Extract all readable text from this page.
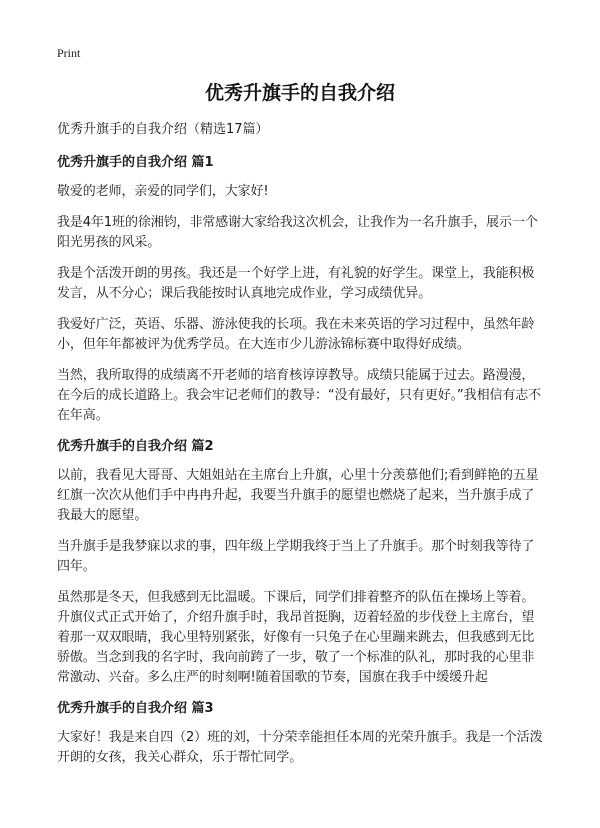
Print
优秀升旗手的自我介绍

优秀升旗手的自我介绍（精选17篇）

优秀升旗手的自我介绍 篇1

敬爱的老师，亲爱的同学们，大家好!

我是4年1班的徐湘钧，非常感谢大家给我这次机会，让我作为一名升旗手，展示一个阳光男孩的风采。

我是个活泼开朗的男孩。我还是一个好学上进，有礼貌的好学生。课堂上，我能积极发言，从不分心；课后我能按时认真地完成作业，学习成绩优异。

我爱好广泛，英语、乐器、游泳使我的长项。我在未来英语的学习过程中，虽然年龄小，但年年都被评为优秀学员。在大连市少儿游泳锦标赛中取得好成绩。

当然，我所取得的成绩离不开老师的培育核谆谆教导。成绩只能属于过去。路漫漫，在今后的成长道路上。我会牢记老师们的教导：“没有最好，只有更好。”我相信有志不在年高。

优秀升旗手的自我介绍 篇2

以前，我看见大哥哥、大姐姐站在主席台上升旗，心里十分羡慕他们;看到鲜艳的五星红旗一次次从他们手中冉冉升起，我要当升旗手的愿望也燃烧了起来，当升旗手成了我最大的愿望。

当升旗手是我梦寐以求的事，四年级上学期我终于当上了升旗手。那个时刻我等待了四年。

虽然那是冬天，但我感到无比温暖。下课后，同学们排着整齐的队伍在操场上等着。升旗仪式正式开始了，介绍升旗手时，我昂首挺胸，迈着轻盈的步伐登上主席台，望着那一双双眼睛，我心里特别紧张，好像有一只兔子在心里蹦来跳去，但我感到无比骄傲。当念到我的名字时，我向前跨了一步，敬了一个标准的队礼，那时我的心里非常激动、兴奋。多么庄严的时刻啊!随着国歌的节奏，国旗在我手中缓缓升起

优秀升旗手的自我介绍 篇3

大家好！我是来自四（2）班的刘，十分荣幸能担任本周的光荣升旗手。我是一个活泼开朗的女孩，我关心群众，乐于帮忙同学。
